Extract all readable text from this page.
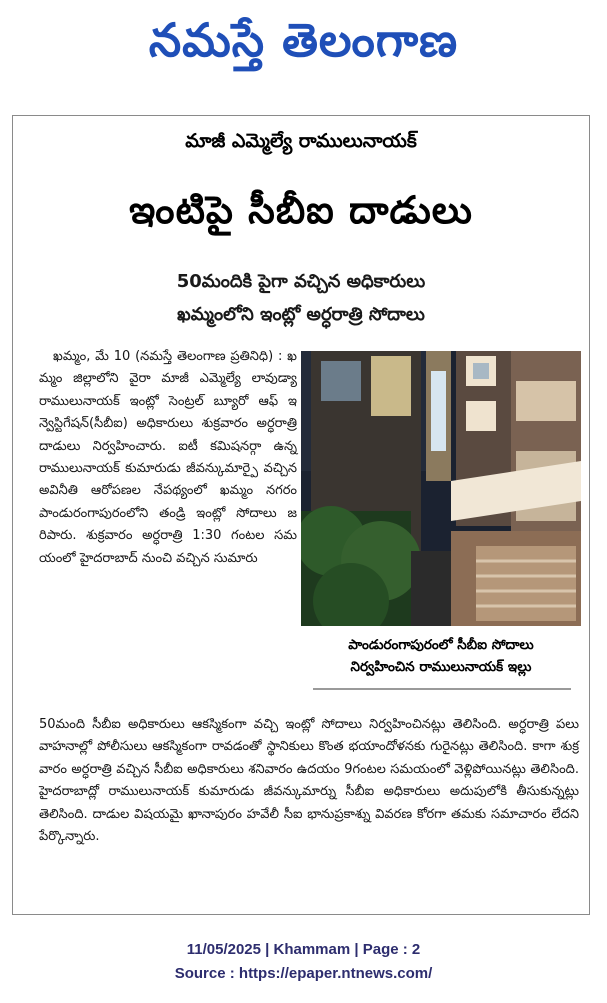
నమస్తే తెలంగాణ
మాజీ ఎమ్మెల్యే రాములునాయక్
ఇంటిపై సీబీఐ దాడులు
50మందికి పైగా వచ్చిన అధికారులు
ఖమ్మంలోని ఇంట్లో అర్ధరాత్రి సోదాలు
ఖమ్మం, మే 10 (నమస్తే తెలంగాణ ప్రతినిధి) : ఖమ్మం జిల్లాలోని వైరా మాజీ ఎమ్మెల్యే లావుడ్యా రాములునాయక్ ఇంట్లో సెంట్రల్ బ్యూరో ఆఫ్ ఇన్వెస్టిగేషన్(సీబీఐ) అధికారులు శుక్రవారం అర్ధరాత్రి దాడులు నిర్వహించారు. ఐటీ కమిషనర్గా ఉన్న రాములునాయక్ కుమారుడు జీవన్కుమార్పై వచ్చిన అవినీతి ఆరోపణల నేపథ్యంలో ఖమ్మం నగరం పాండురంగాపురంలోని తండ్రి ఇంట్లో సోదాలు జరిపారు. శుక్రవారం అర్ధరాత్రి 1:30 గంటల సమయంలో హైదరాబాద్ నుంచి వచ్చిన సుమారు
పాండురంగాపురంలో సీబీఐ సోదాలు
నిర్వహించిన రాములునాయక్ ఇల్లు
50మంది సీబీఐ అధికారులు ఆకస్మికంగా వచ్చి ఇంట్లో సోదాలు నిర్వహించినట్లు తెలిసింది. అర్ధరాత్రి పలు వాహనాల్లో పోలీసులు ఆకస్మికంగా రావడంతో స్థానికులు కొంత భయాందోళనకు గురైనట్లు తెలిసింది. కాగా శుక్రవారం అర్ధరాత్రి వచ్చిన సీబీఐ అధికారులు శనివారం ఉదయం 9గంటల సమయంలో వెళ్లిపోయినట్లు తెలిసింది. హైదరాబాద్లో రాములునాయక్ కుమారుడు జీవన్కుమార్ను సీబీఐ అధికారులు అదుపులోకి తీసుకున్నట్లు తెలిసింది. దాడుల విషయమై ఖానాపురం హవేలీ సీఐ భానుప్రకాశ్ను వివరణ కోరగా తమకు సమాచారం లేదని పేర్కొన్నారు.
11/05/2025 | Khammam | Page : 2
Source : https://epaper.ntnews.com/
